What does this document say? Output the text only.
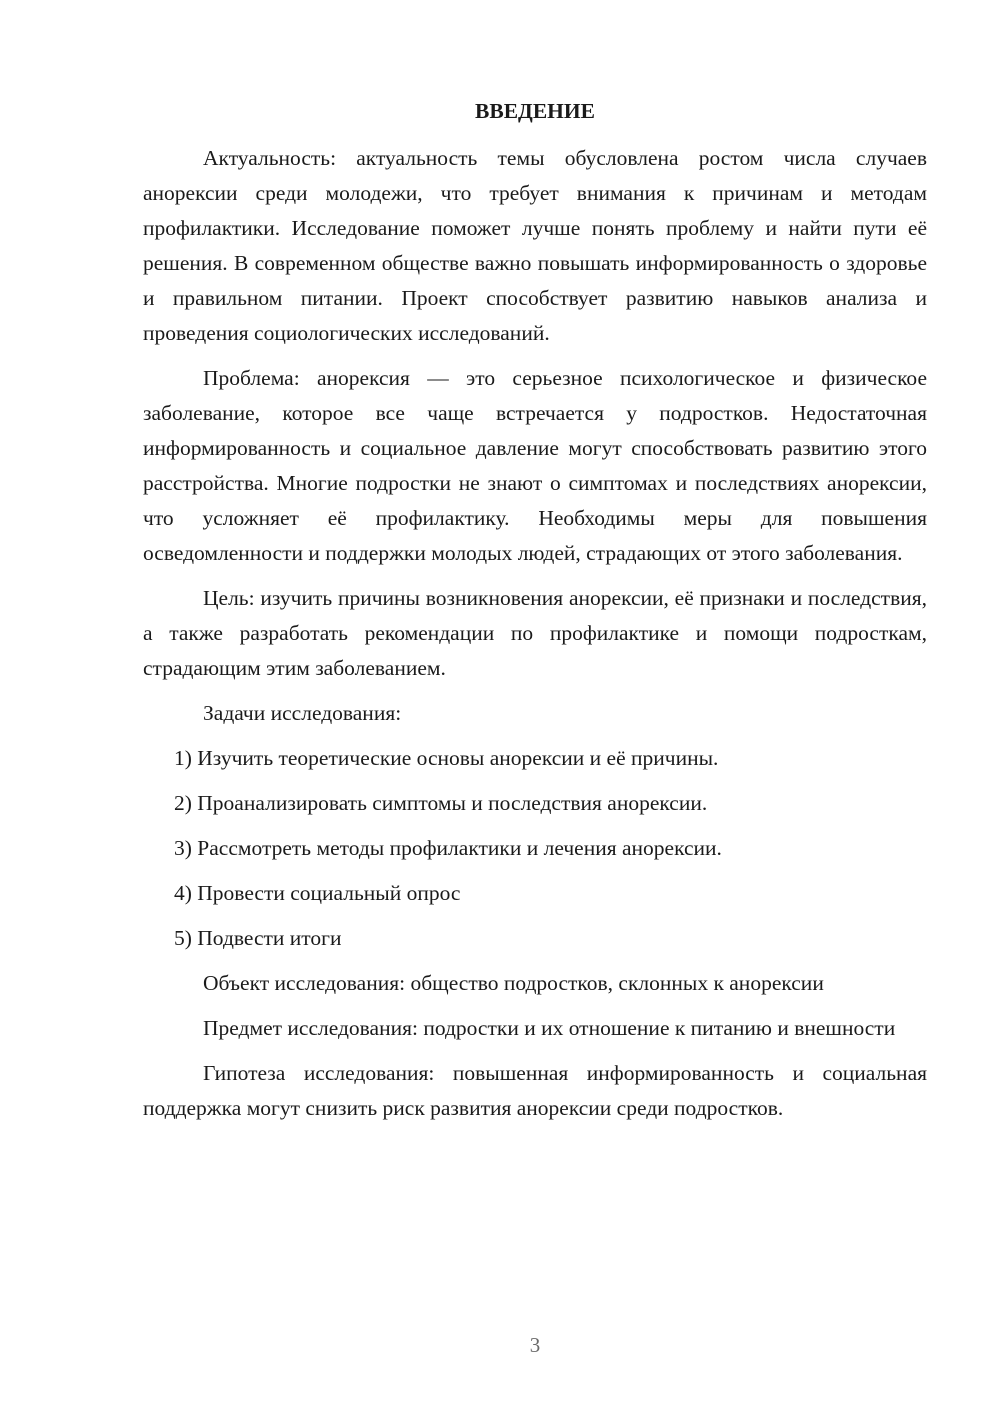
ВВЕДЕНИЕ

Актуальность: актуальность темы обусловлена ростом числа случаев анорексии среди молодежи, что требует внимания к причинам и методам профилактики. Исследование поможет лучше понять проблему и найти пути её решения. В современном обществе важно повышать информированность о здоровье и правильном питании. Проект способствует развитию навыков анализа и проведения социологических исследований.

Проблема: анорексия — это серьезное психологическое и физическое заболевание, которое все чаще встречается у подростков. Недостаточная информированность и социальное давление могут способствовать развитию этого расстройства. Многие подростки не знают о симптомах и последствиях анорексии, что усложняет её профилактику. Необходимы меры для повышения осведомленности и поддержки молодых людей, страдающих от этого заболевания.

Цель: изучить причины возникновения анорексии, её признаки и последствия, а также разработать рекомендации по профилактике и помощи подросткам, страдающим этим заболеванием.

Задачи исследования:

1) Изучить теоретические основы анорексии и её причины.
2) Проанализировать симптомы и последствия анорексии.
3) Рассмотреть методы профилактики и лечения анорексии.
4) Провести социальный опрос
5) Подвести итоги

Объект исследования: общество подростков, склонных к анорексии

Предмет исследования: подростки и их отношение к питанию и внешности

Гипотеза исследования: повышенная информированность и социальная поддержка могут снизить риск развития анорексии среди подростков.

3
